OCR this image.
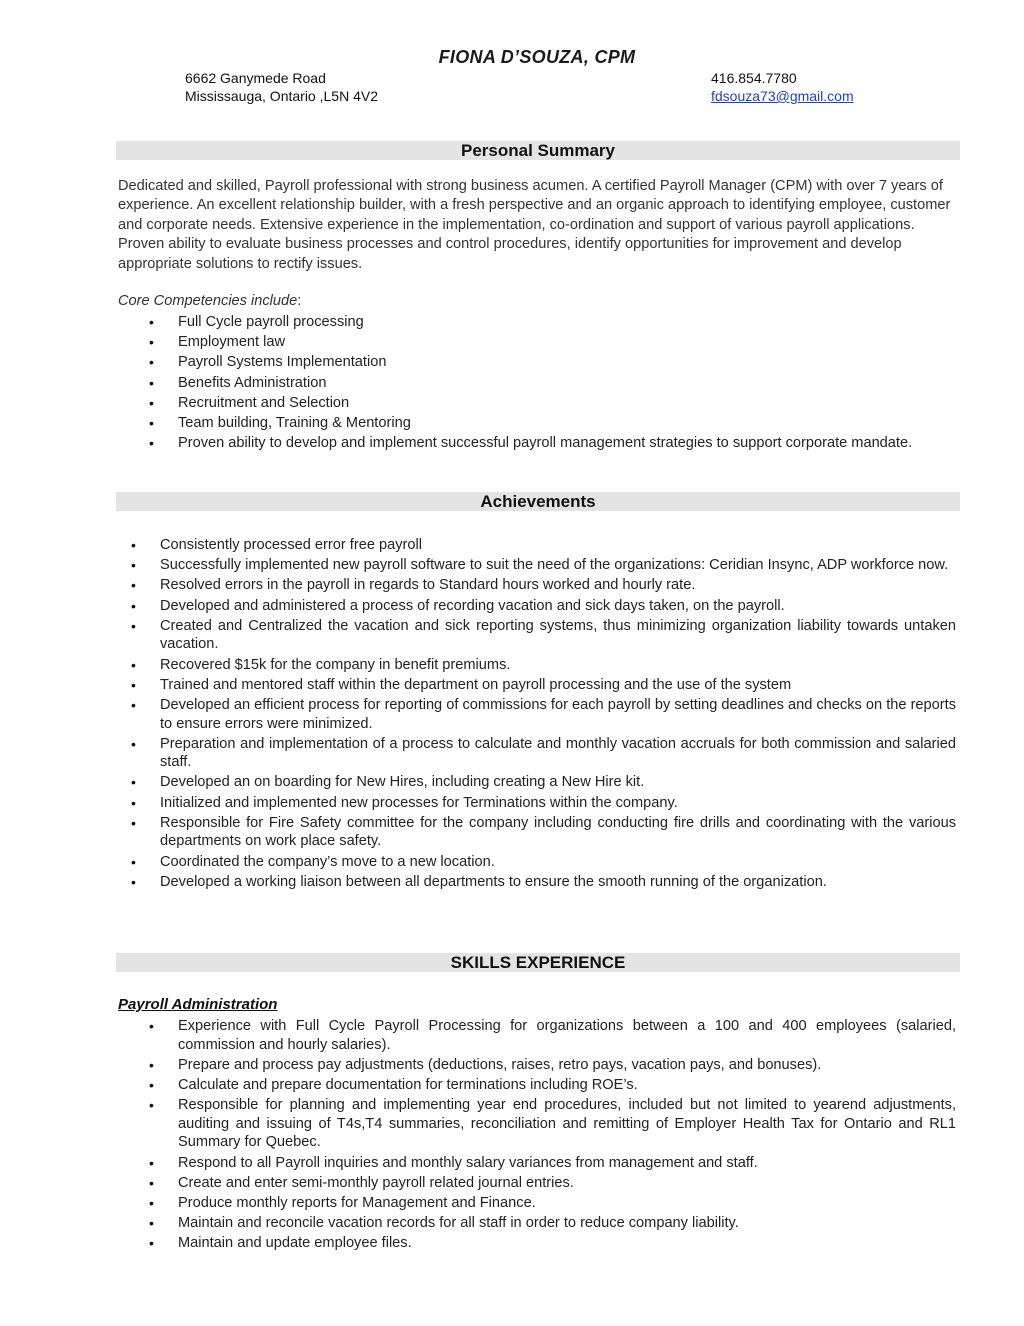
FIONA D’SOUZA, CPM
6662 Ganymede Road
Mississauga, Ontario ,L5N 4V2
416.854.7780
fdsouza73@gmail.com
Personal Summary
Dedicated and skilled, Payroll professional with strong business acumen. A certified Payroll Manager (CPM) with over 7 years of experience. An excellent relationship builder, with a fresh perspective and an organic approach to identifying employee, customer and corporate needs. Extensive experience in the implementation, co-ordination and support of various payroll applications. Proven ability to evaluate business processes and control procedures, identify opportunities for improvement and develop appropriate solutions to rectify issues.
Core Competencies include:
• Full Cycle payroll processing
• Employment law
• Payroll Systems Implementation
• Benefits Administration
• Recruitment and Selection
• Team building, Training & Mentoring
• Proven ability to develop and implement successful payroll management strategies to support corporate mandate.
Achievements
• Consistently processed error free payroll
• Successfully implemented new payroll software to suit the need of the organizations: Ceridian Insync, ADP workforce now.
• Resolved errors in the payroll in regards to Standard hours worked and hourly rate.
• Developed and administered a process of recording vacation and sick days taken, on the payroll.
• Created and Centralized the vacation and sick reporting systems, thus minimizing organization liability towards untaken vacation.
• Recovered $15k for the company in benefit premiums.
• Trained and mentored staff within the department on payroll processing and the use of the system
• Developed an efficient process for reporting of commissions for each payroll by setting deadlines and checks on the reports to ensure errors were minimized.
• Preparation and implementation of a process to calculate and monthly vacation accruals for both commission and salaried staff.
• Developed an on boarding for New Hires, including creating a New Hire kit.
• Initialized and implemented new processes for Terminations within the company.
• Responsible for Fire Safety committee for the company including conducting fire drills and coordinating with the various departments on work place safety.
• Coordinated the company’s move to a new location.
• Developed a working liaison between all departments to ensure the smooth running of the organization.
SKILLS EXPERIENCE
Payroll Administration
• Experience with Full Cycle Payroll Processing for organizations between a 100 and 400 employees (salaried, commission and hourly salaries).
• Prepare and process pay adjustments (deductions, raises, retro pays, vacation pays, and bonuses).
• Calculate and prepare documentation for terminations including ROE’s.
• Responsible for planning and implementing year end procedures, included but not limited to yearend adjustments, auditing and issuing of T4s,T4 summaries, reconciliation and remitting of Employer Health Tax for Ontario and RL1 Summary for Quebec.
• Respond to all Payroll inquiries and monthly salary variances from management and staff.
• Create and enter semi-monthly payroll related journal entries.
• Produce monthly reports for Management and Finance.
• Maintain and reconcile vacation records for all staff in order to reduce company liability.
• Maintain and update employee files.
